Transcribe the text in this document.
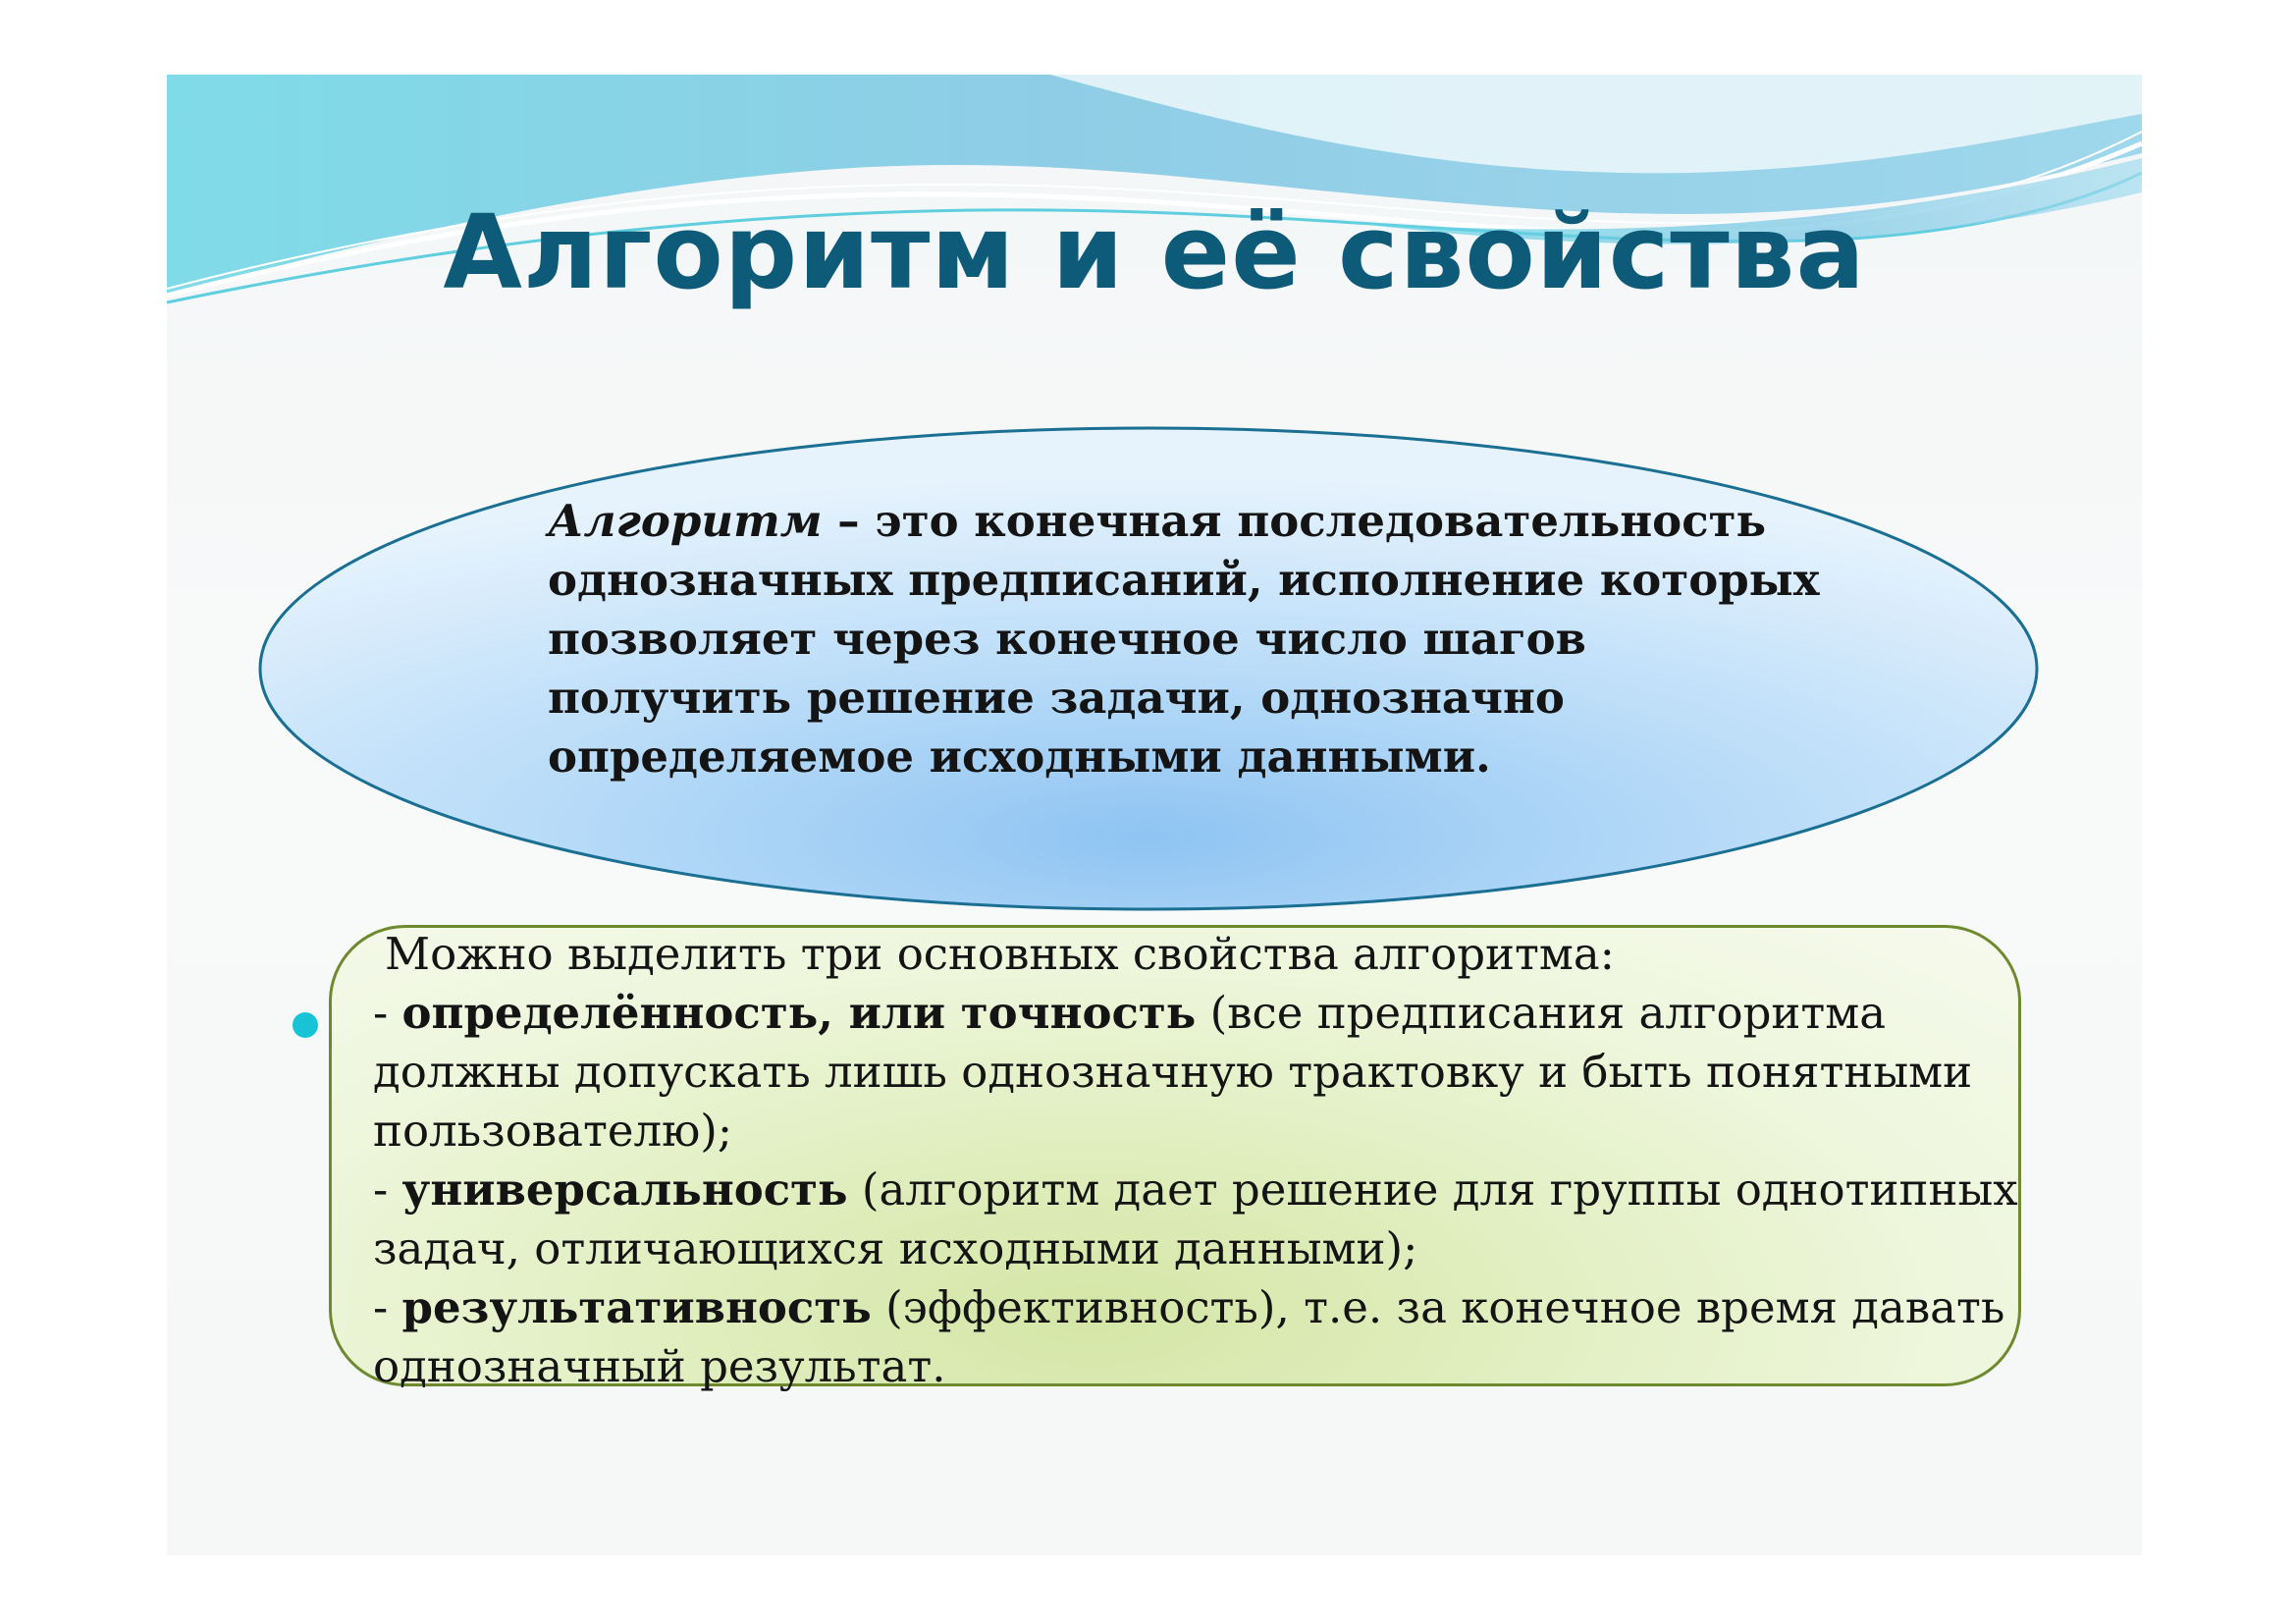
Алгоритм и её свойства

Алгоритм – это конечная последовательность однозначных предписаний, исполнение которых позволяет через конечное число шагов получить решение задачи, однозначно определяемое исходными данными.

Можно выделить три основных свойства алгоритма:
- определённость, или точность (все предписания алгоритма
должны допускать лишь однозначную трактовку и быть понятными
пользователю);
- универсальность (алгоритм дает решение для группы однотипных
задач, отличающихся исходными данными);
- результативность (эффективность), т.е. за конечное время давать
однозначный результат.
